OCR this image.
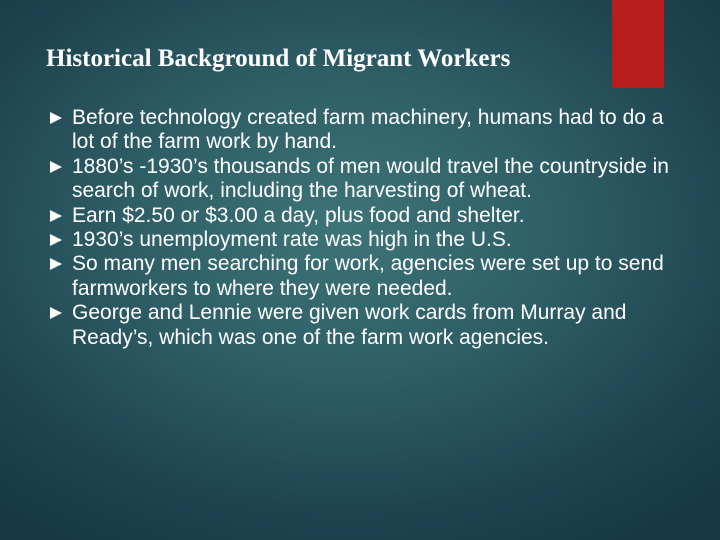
Historical Background of Migrant Workers
Before technology created farm machinery, humans had to do a lot of the farm work by hand.
1880’s -1930’s thousands of men would travel the countryside in search of work, including the harvesting of wheat.
Earn $2.50 or $3.00 a day, plus food and shelter.
1930’s unemployment rate was high in the U.S.
So many men searching for work, agencies were set up to send farmworkers to where they were needed.
George and Lennie were given work cards from Murray and Ready’s, which was one of the farm work agencies.
